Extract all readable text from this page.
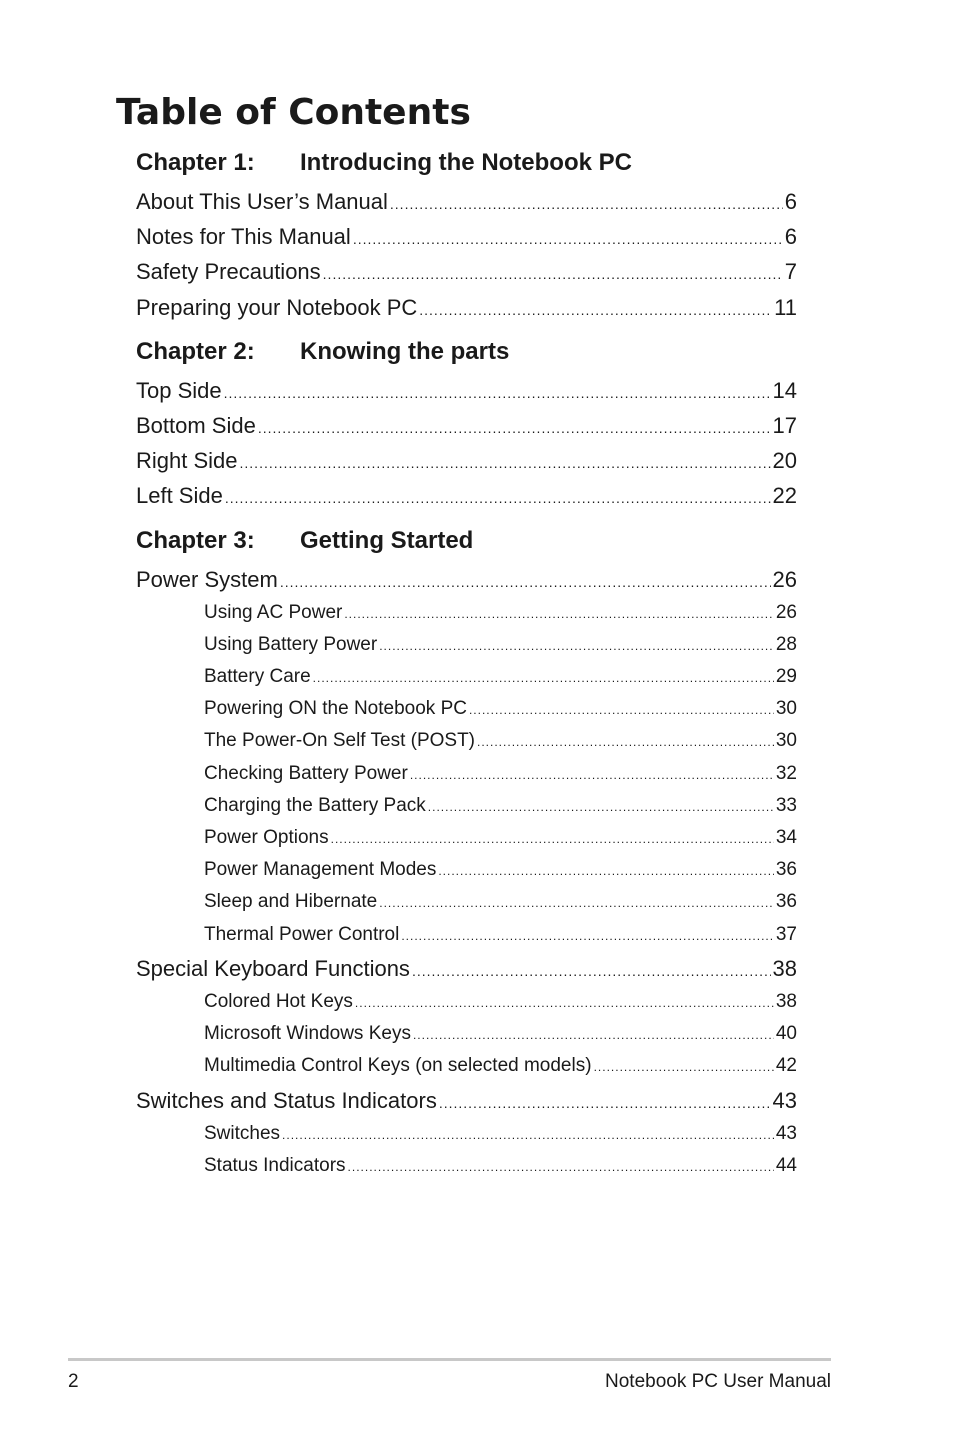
Table of Contents
Chapter 1:	Introducing the Notebook PC
About This User’s Manual .....	6
Notes for This Manual .....	6
Safety Precautions .....	7
Preparing your Notebook PC .....	11
Chapter 2:	Knowing the parts
Top Side .....	14
Bottom Side .....	17
Right Side .....	20
Left Side .....	22
Chapter 3:	Getting Started
Power System .....	26
Using AC Power .....	26
Using Battery Power .....	28
Battery Care .....	29
Powering ON the Notebook PC .....	30
The Power-On Self Test (POST) .....	30
Checking Battery Power .....	32
Charging the Battery Pack .....	33
Power Options .....	34
Power Management Modes .....	36
Sleep and Hibernate .....	36
Thermal Power Control .....	37
Special Keyboard Functions .....	38
Colored Hot Keys .....	38
Microsoft Windows Keys .....	40
Multimedia Control Keys (on selected models) .....	42
Switches and Status Indicators .....	43
Switches .....	43
Status Indicators .....	44
2	Notebook PC User Manual
